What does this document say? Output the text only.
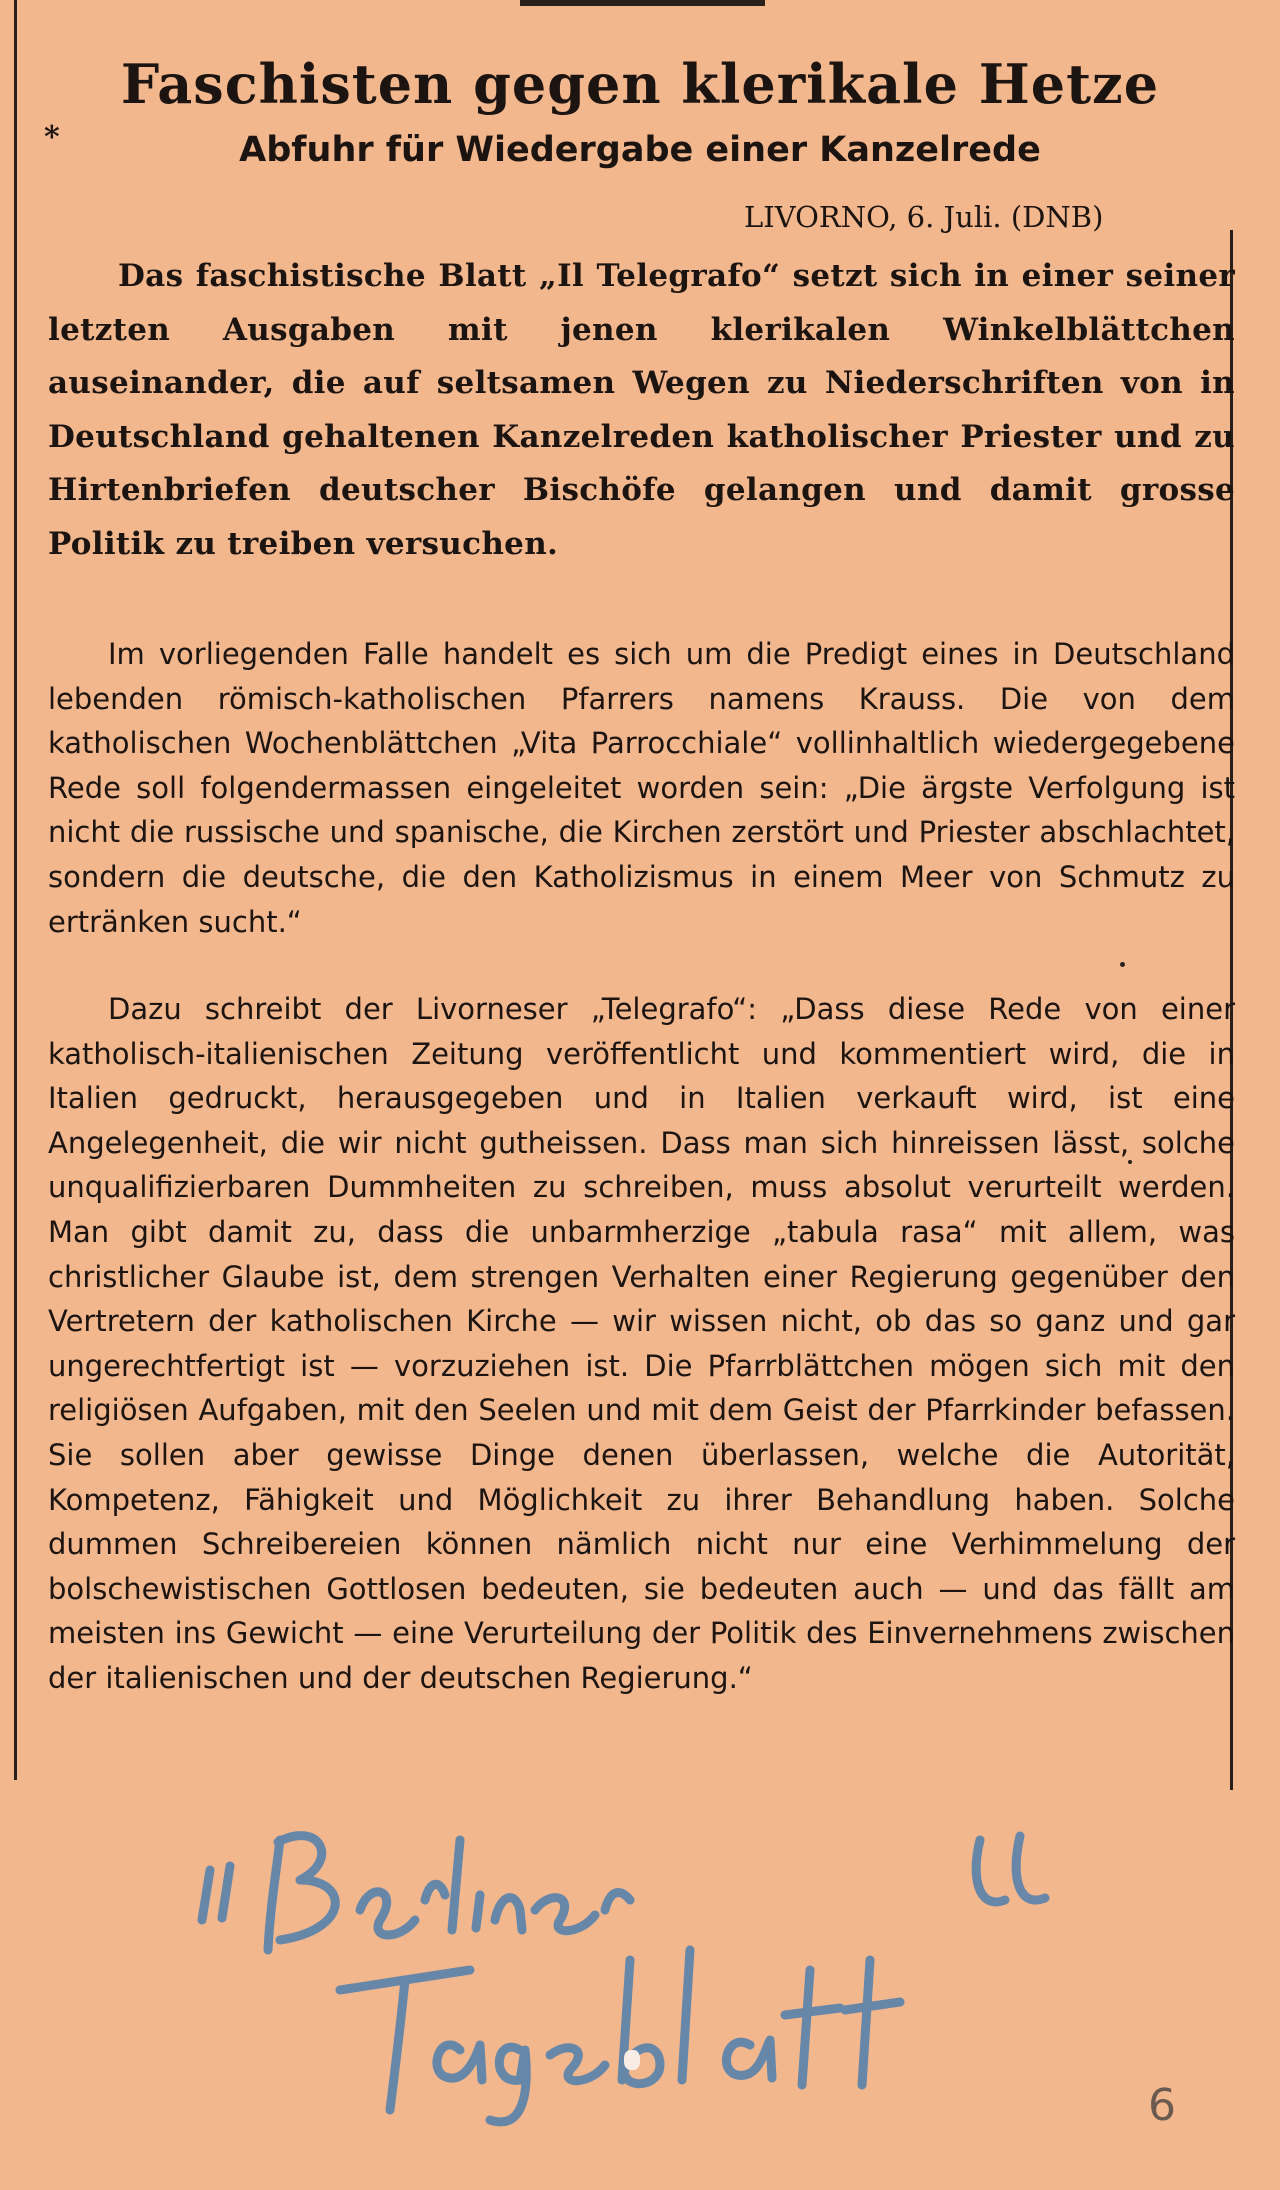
Faschisten gegen klerikale Hetze
*	Abfuhr für Wiedergabe einer Kanzelrede
LIVORNO, 6. Juli. (DNB)

Das faschistische Blatt „Il Telegrafo“ setzt sich in einer seiner letzten Ausgaben mit jenen klerikalen Winkelblättchen auseinander, die auf seltsamen Wegen zu Niederschriften von in Deutschland gehaltenen Kanzelreden katholischer Priester und zu Hirtenbriefen deutscher Bischöfe gelangen und damit grosse Politik zu treiben versuchen.

Im vorliegenden Falle handelt es sich um die Predigt eines in Deutschland lebenden römisch-katholischen Pfarrers namens Krauss. Die von dem katholischen Wochenblättchen „Vita Parrocchiale“ vollinhaltlich wiedergegebene Rede soll folgendermassen eingeleitet worden sein: „Die ärgste Verfolgung ist nicht die russische und spanische, die Kirchen zerstört und Priester abschlachtet, sondern die deutsche, die den Katholizismus in einem Meer von Schmutz zu ertränken sucht.“

Dazu schreibt der Livorneser „Telegrafo“: „Dass diese Rede von einer katholisch-italienischen Zeitung veröffentlicht und kommentiert wird, die in Italien gedruckt, herausgegeben und in Italien verkauft wird, ist eine Angelegenheit, die wir nicht gutheissen. Dass man sich hinreissen lässt, solche unqualifizierbaren Dummheiten zu schreiben, muss absolut verurteilt werden. Man gibt damit zu, dass die unbarmherzige „tabula rasa“ mit allem, was christlicher Glaube ist, dem strengen Verhalten einer Regierung gegenüber den Vertretern der katholischen Kirche — wir wissen nicht, ob das so ganz und gar ungerechtfertigt ist — vorzuziehen ist. Die Pfarrblättchen mögen sich mit den religiösen Aufgaben, mit den Seelen und mit dem Geist der Pfarrkinder befassen. Sie sollen aber gewisse Dinge denen überlassen, welche die Autorität, Kompetenz, Fähigkeit und Möglichkeit zu ihrer Behandlung haben. Solche dummen Schreibereien können nämlich nicht nur eine Verhimmelung der bolschewistischen Gottlosen bedeuten, sie bedeuten auch — und das fällt am meisten ins Gewicht — eine Verurteilung der Politik des Einvernehmens zwischen der italienischen und der deutschen Regierung.“

„ Berliner Tageblatt “
6
